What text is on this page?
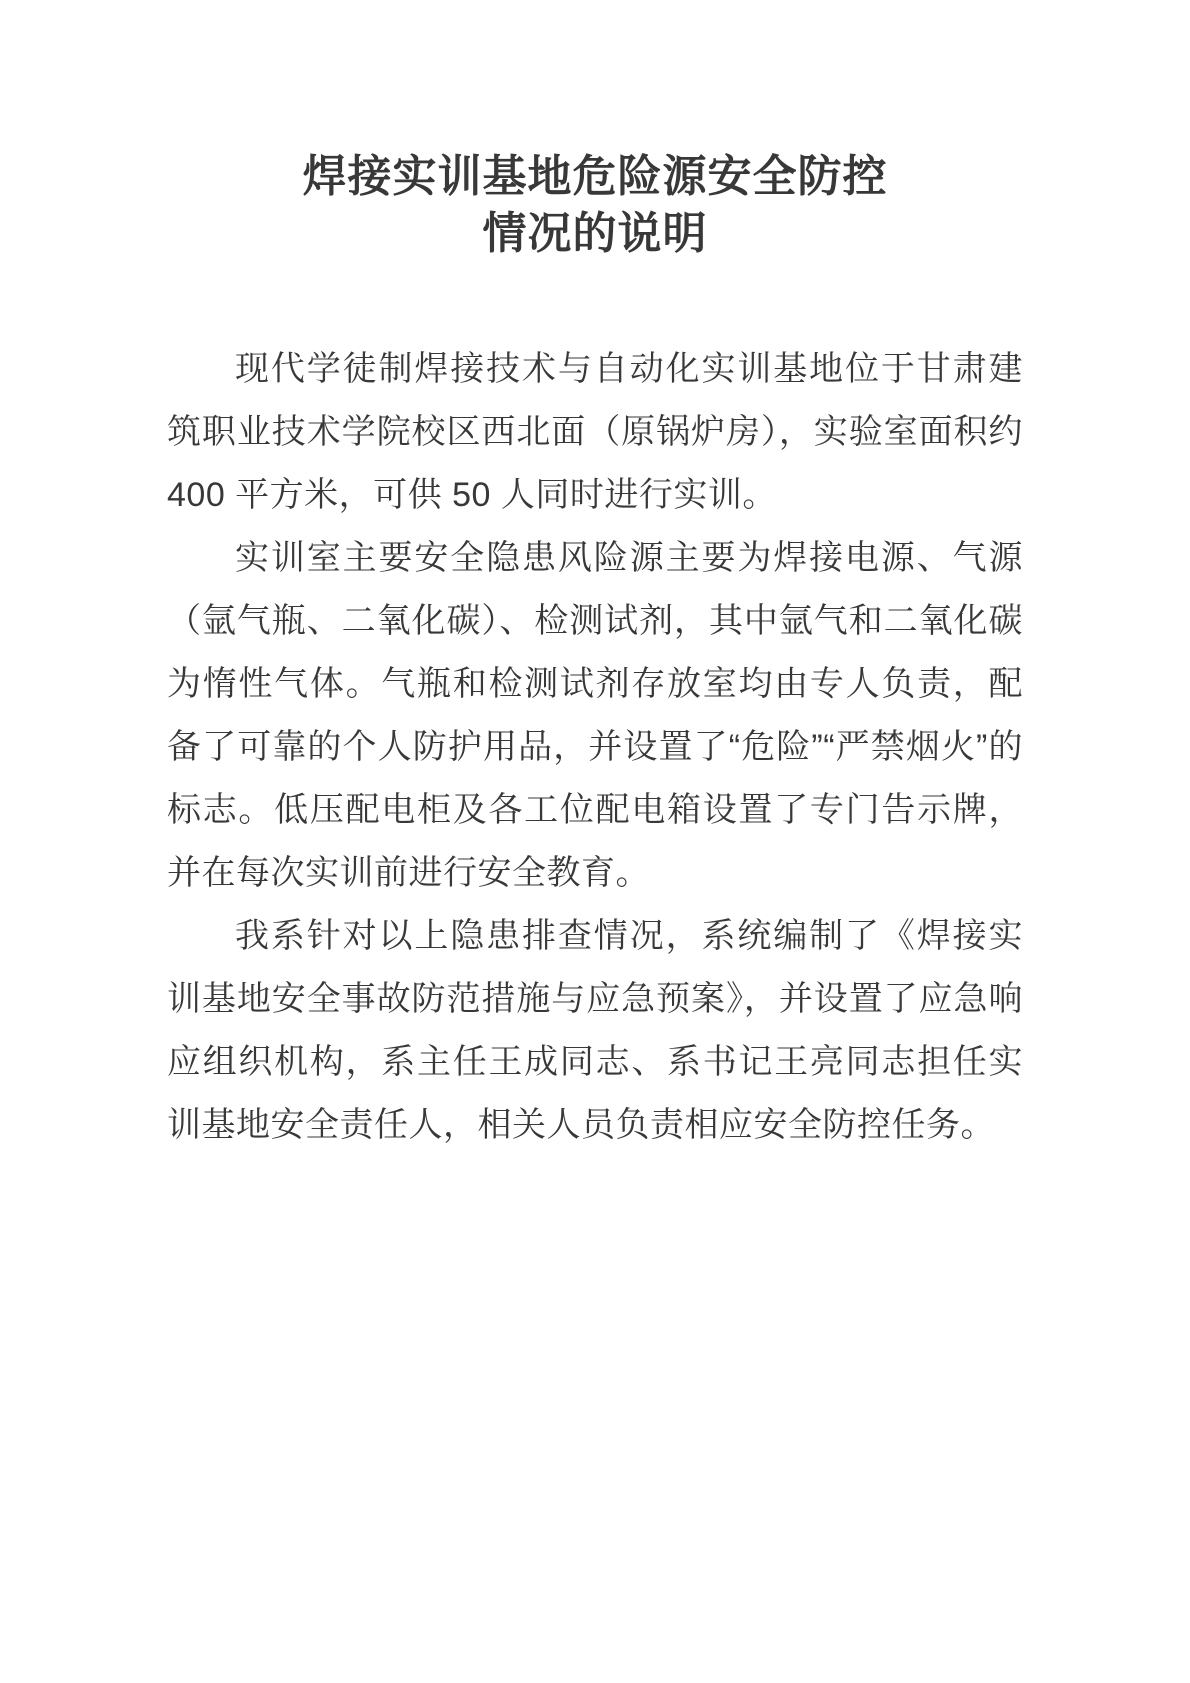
焊接实训基地危险源安全防控
情况的说明

现代学徒制焊接技术与自动化实训基地位于甘肃建筑职业技术学院校区西北面（原锅炉房），实验室面积约 400 平方米，可供 50 人同时进行实训。

实训室主要安全隐患风险源主要为焊接电源、气源（氩气瓶、二氧化碳）、检测试剂，其中氩气和二氧化碳为惰性气体。气瓶和检测试剂存放室均由专人负责，配备了可靠的个人防护用品，并设置了“危险”“严禁烟火”的标志。低压配电柜及各工位配电箱设置了专门告示牌，并在每次实训前进行安全教育。

我系针对以上隐患排查情况，系统编制了《焊接实训基地安全事故防范措施与应急预案》，并设置了应急响应组织机构，系主任王成同志、系书记王亮同志担任实训基地安全责任人，相关人员负责相应安全防控任务。
